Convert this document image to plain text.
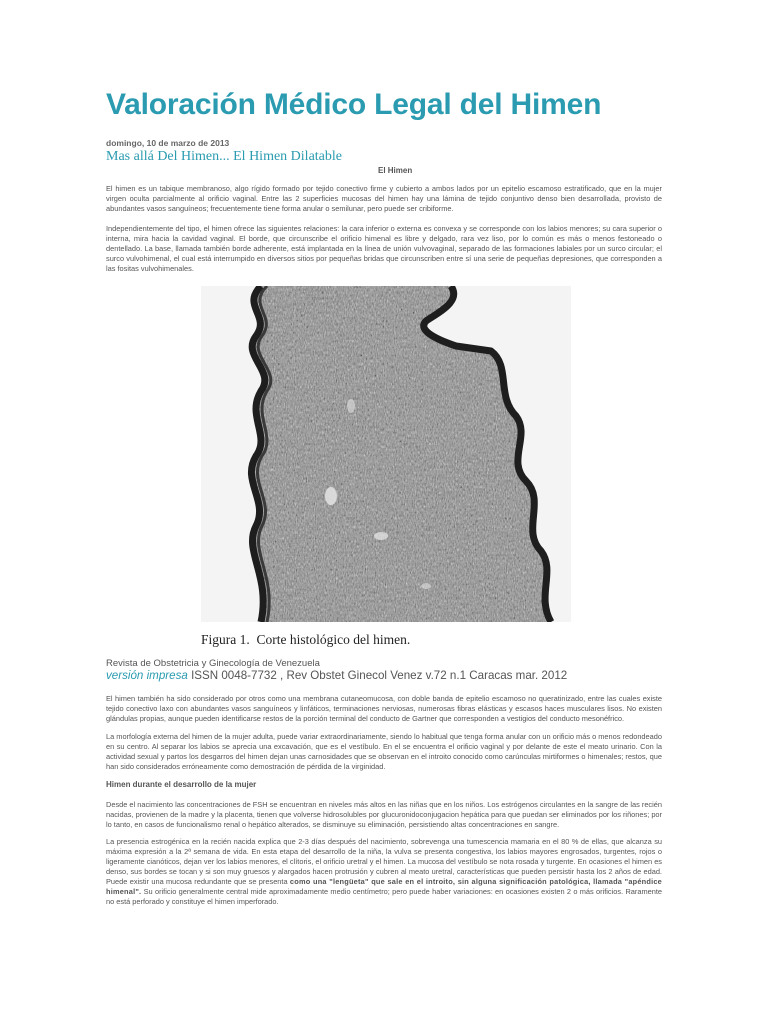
Valoración Médico Legal del Himen
domingo, 10 de marzo de 2013
Mas allá Del Himen... El Himen Dilatable
El Himen

El himen es un tabique membranoso, algo rígido formado por tejido conectivo firme y cubierto a ambos lados por un epitelio escamoso estratificado, que en la mujer virgen oculta parcialmente al orificio vaginal. Entre las 2 superficies mucosas del himen hay una lámina de tejido conjuntivo denso bien desarrollada, provisto de abundantes vasos sanguíneos; frecuentemente tiene forma anular o semilunar, pero puede ser cribiforme.

Independientemente del tipo, el himen ofrece las siguientes relaciones: la cara inferior o externa es convexa y se corresponde con los labios menores; su cara superior o interna, mira hacia la cavidad vaginal. El borde, que circunscribe el orificio himenal es libre y delgado, rara vez liso, por lo común es más o menos festoneado o dentellado. La base, llamada también borde adherente, está implantada en la línea de unión vulvovaginal, separado de las formaciones labiales por un surco circular; el surco vulvohimenal, el cual está interrumpido en diversos sitios por pequeñas bridas que circunscriben entre sí una serie de pequeñas depresiones, que corresponden a las fositas vulvohimenales.

Figura 1.  Corte histológico del himen.
Revista de Obstetricia y Ginecología de Venezuela
versión impresa ISSN 0048-7732 , Rev Obstet Ginecol Venez v.72 n.1 Caracas mar. 2012

El himen también ha sido considerado por otros como una membrana cutaneomucosa, con doble banda de epitelio escamoso no queratinizado, entre las cuales existe tejido conectivo laxo con abundantes vasos sanguíneos y linfáticos, terminaciones nerviosas, numerosas fibras elásticas y escasos haces musculares lisos. No existen glándulas propias, aunque pueden identificarse restos de la porción terminal del conducto de Gartner que corresponden a vestigios del conducto mesonéfrico.

La morfología externa del himen de la mujer adulta, puede variar extraordinariamente, siendo lo habitual que tenga forma anular con un orificio más o menos redondeado en su centro. Al separar los labios se aprecia una excavación, que es el vestíbulo. En el se encuentra el orificio vaginal y por delante de este el meato urinario. Con la actividad sexual y partos los desgarros del himen dejan unas carnosidades que se observan en el introito conocido como carúnculas mirtiformes o himenales; restos, que han sido considerados erróneamente como demostración de pérdida de la virginidad.

Himen durante el desarrollo de la mujer

Desde el nacimiento las concentraciones de FSH se encuentran en niveles más altos en las niñas que en los niños. Los estrógenos circulantes en la sangre de las recién nacidas, provienen de la madre y la placenta, tienen que volverse hidrosolubles por glucuronidoconjugacion hepática para que puedan ser eliminados por los riñones; por lo tanto, en casos de funcionalismo renal o hepático alterados, se disminuye su eliminación, persistiendo altas concentraciones en sangre.

La presencia estrogénica en la recién nacida explica que 2-3 días después del nacimiento, sobrevenga una tumescencia mamaria en el 80 % de ellas, que alcanza su máxima expresión a la 2ª semana de vida. En esta etapa del desarrollo de la niña, la vulva se presenta congestiva, los labios mayores engrosados, turgentes, rojos o ligeramente cianóticos, dejan ver los labios menores, el clítoris, el orificio uretral y el himen. La mucosa del vestíbulo se nota rosada y turgente. En ocasiones el himen es denso, sus bordes se tocan y si son muy gruesos y alargados hacen protrusión y cubren al meato uretral, características que pueden persistir hasta los 2 años de edad. Puede existir una mucosa redundante que se presenta como una "lengüeta" que sale en el introito, sin alguna significación patológica, llamada "apéndice himenal". Su orificio generalmente central mide aproximadamente medio centímetro; pero puede haber variaciones: en ocasiones existen 2 o más orificios. Raramente no está perforado y constituye el himen imperforado.
